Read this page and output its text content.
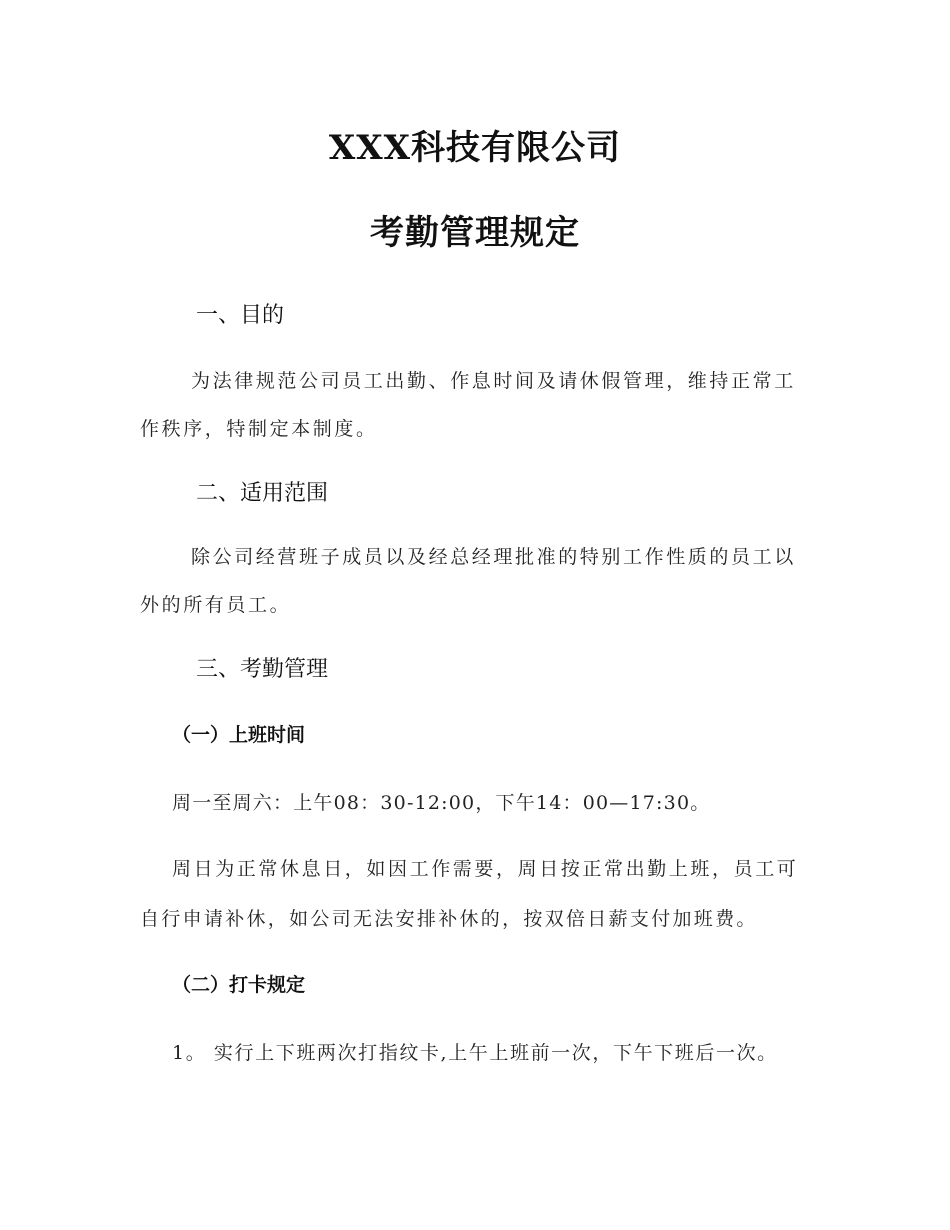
XXX科技有限公司
考勤管理规定
一、目的
为法律规范公司员工出勤、作息时间及请休假管理，维持正常工
作秩序，特制定本制度。
二、适用范围
除公司经营班子成员以及经总经理批准的特别工作性质的员工以
外的所有员工。
三、考勤管理
（一）上班时间
周一至周六：上午08：30-12:00，下午14：00—17:30。
周日为正常休息日，如因工作需要，周日按正常出勤上班，员工可
自行申请补休，如公司无法安排补休的，按双倍日薪支付加班费。
（二）打卡规定
1。 实行上下班两次打指纹卡,上午上班前一次，下午下班后一次。
